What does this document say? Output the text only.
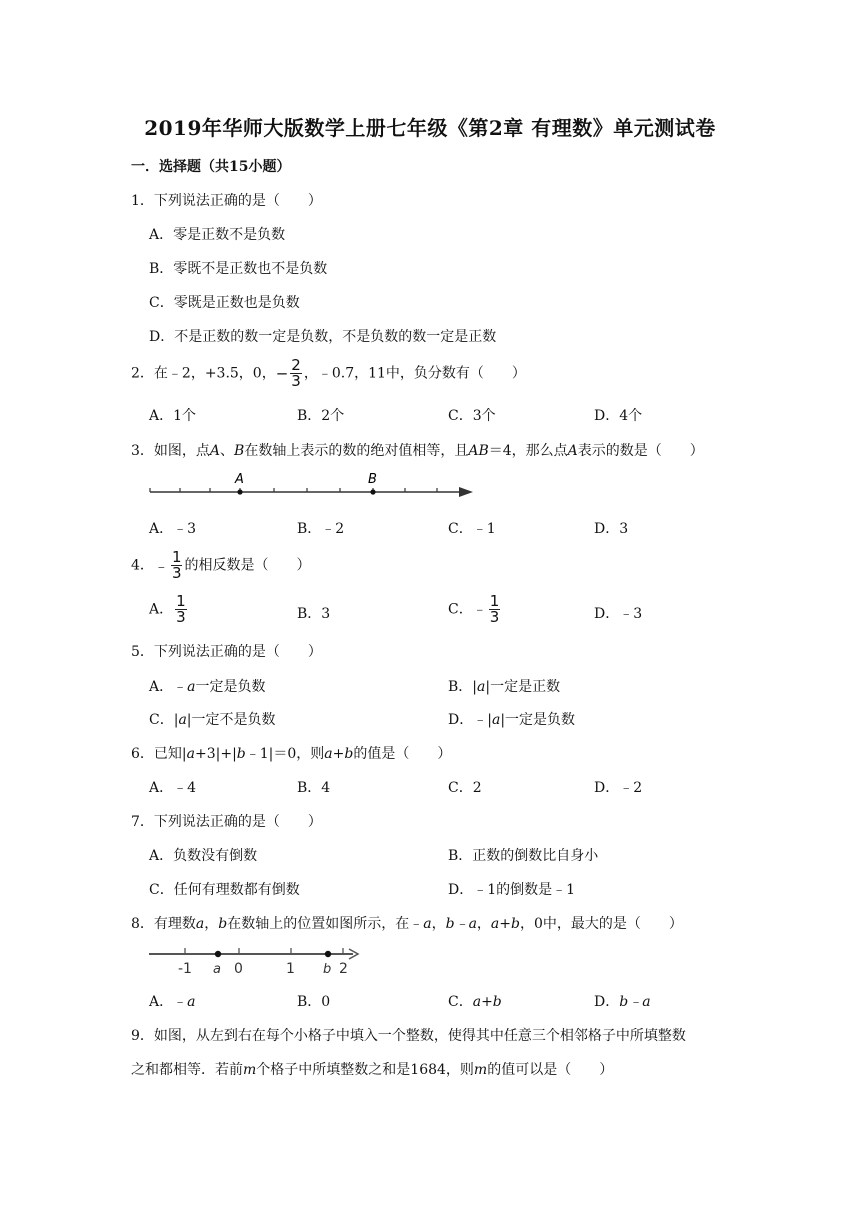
2019年华师大版数学上册七年级《第2章 有理数》单元测试卷
一．选择题（共15小题）
1．下列说法正确的是（　　）
A．零是正数不是负数
B．零既不是正数也不是负数
C．零既是正数也是负数
D．不是正数的数一定是负数，不是负数的数一定是正数
2．在﹣2，+3.5，0，− $\frac{2}{3}$ ，﹣0.7，11中，负分数有（　　）
A．1个	B．2个	C．3个	D．4个
3．如图，点A、B在数轴上表示的数的绝对值相等，且AB＝4，那么点A表示的数是（　　）
A	B
A．﹣3	B．﹣2	C．﹣1	D．3
4．﹣ $\frac{1}{3}$ 的相反数是（　　）
A． $\frac{1}{3}$	B．3	C．﹣ $\frac{1}{3}$	D．﹣3
5．下列说法正确的是（　　）
A．﹣a一定是负数	B．|a|一定是正数
C．|a|一定不是负数	D．﹣|a|一定是负数
6．已知|a+3|+|b﹣1|＝0，则a+b的值是（　　）
A．﹣4	B．4	C．2	D．﹣2
7．下列说法正确的是（　　）
A．负数没有倒数	B．正数的倒数比自身小
C．任何有理数都有倒数	D．﹣1的倒数是﹣1
8．有理数a，b在数轴上的位置如图所示，在﹣a，b﹣a，a+b，0中，最大的是（　　）
-1 a 0	1 b 2
A．﹣a	B．0	C．a+b	D．b﹣a
9．如图，从左到右在每个小格子中填入一个整数，使得其中任意三个相邻格子中所填整数
之和都相等．若前m个格子中所填整数之和是1684，则m的值可以是（　　）
